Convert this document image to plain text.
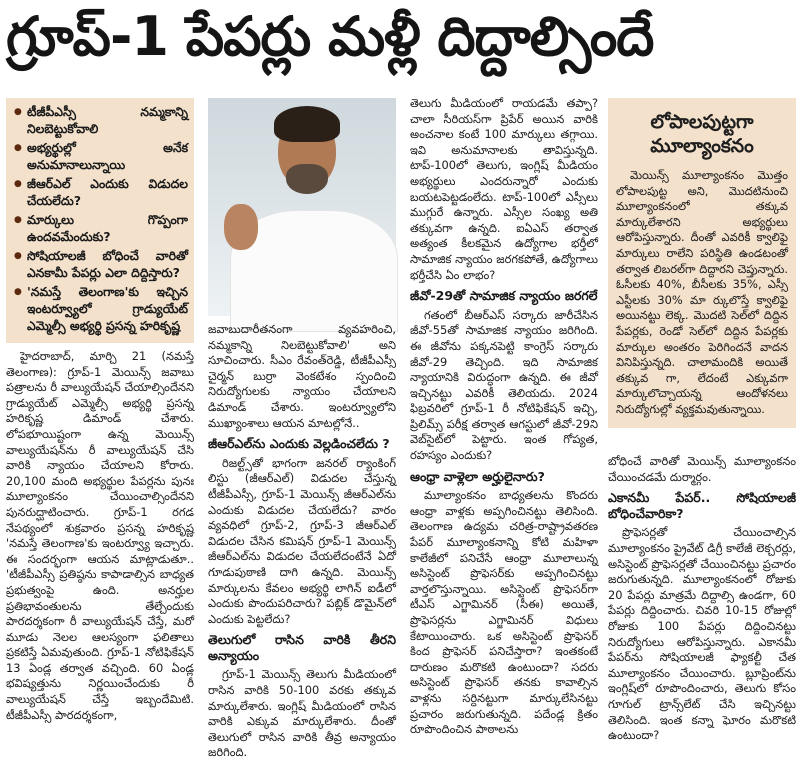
గ్రూప్‌-1 పేపర్లు మళ్లీ దిద్దాల్సిందే
● టీజీపీఎస్సీ నమ్మకాన్ని నిలబెట్టుకోవాలి
● అభ్యర్థుల్లో అనేక అనుమానాలున్నాయి
● జీఆర్‌ఎల్‌ ఎందుకు విడుదల చేయలేదు?
● మార్కులు గొప్పంగా ఉందవమేందుకు?
● సోషియాలజీ బోధించే వారితో ఎనకామీ పేపర్లు ఎలా దిద్దిస్తారు?
● 'నమస్తే తెలంగాణ'కు ఇచ్చిన ఇంటర్వ్యూలో గ్రాడ్యుయేట్‌ ఎమ్మెల్సీ అభ్యర్థి ప్రసన్న హరికృష్ణ

హైదరాబాద్‌, మార్చి 21 (నమస్తే తెలంగాణ): గ్రూప్‌-1 మెయిన్స్‌ జవాబు పత్రాలను రీ వాల్యుయేషన్‌ చేయాల్సిందేనని గ్రాడ్యుయేట్‌ ఎమ్మెల్సీ అభ్యర్థి ప్రసన్న హరికృష్ణ డిమాండ్‌ చేశారు. లోపభూయిష్టంగా ఉన్న మెయిన్స్‌ వాల్యుయేషన్‌ను రీ వాల్యుయేషన్‌ చేసి వారికి న్యాయం చేయాలని కోరారు. 20,100 మంది అభ్యర్థుల పేపర్లను పునః మూల్యాంకనం చేయించాల్సిందేనని పునరుద్ఘాటించారు. గ్రూప్‌-1 రగడ నేపథ్యంలో శుక్రవారం ప్రసన్న హరికృష్ణ 'నమస్తే తెలంగాణ'కు ఇంటర్వ్యూ ఇచ్చారు. ఈ సందర్భంగా ఆయన మాట్లాడుతూ.. 'టీజీపీఎస్సీ ప్రతిష్ఠను కాపాడాల్సిన బాధ్యత ప్రభుత్వంపై ఉంది. అనర్హుల ప్రతిభావంతులను తేల్చేందుకు పారదర్శకంగా రీ వాల్యుయేషన్‌ చేస్తే, మరో మూడు నెలల ఆలస్యంగా ఫలితాలు ప్రకటిస్తే ఏమవుతుంది. గ్రూప్‌-1 నోటిఫికేషన్‌ 13 ఏండ్ల తర్వాత వచ్చింది. 60 ఏండ్ల భవిష్యత్తును నిర్ణయించేందుకు రీ వాల్యుయేషన్‌ చేస్తే ఇబ్బందేమిటి. టీజీపీఎస్సీ పారదర్శకంగా,

జవాబుదారీతనంగా వ్యవహరించి, నమ్మకాన్ని నిలబెట్టుకోవాలి' అని సూచించారు. సీఎం రేవంత్‌రెడ్డి, టీజీపీఎస్సీ చైర్మన్‌ బుర్రా వెంకటేశం స్పందించి నిరుద్యోగులకు న్యాయం చేయాలని డిమాండ్‌ చేశారు. ఇంటర్వ్యూలోని ముఖ్యాంశాలు ఆయన మాటల్లోనే..

జీఆర్‌ఎల్‌ను ఎందుకు వెల్లడించలేదు ?

రిజల్ట్స్‌తో భాగంగా జనరల్‌ ర్యాంకింగ్‌ లిస్టు (జీఆర్‌ఎల్‌) విడుదల చేస్తున్న టీజీపీఎస్సీ, గ్రూప్‌-1 మెయిన్స్‌ జీఆర్‌ఎల్‌ను ఎందుకు విడుదల చేయలేదు? వారం వ్యవధిలో గ్రూప్‌-2, గ్రూప్‌-3 జీఆర్‌ఎల్‌ విడుదల చేసిన కమిషన్‌ గ్రూప్‌-1 మెయిన్స్‌ జీఆర్‌ఎల్‌ను విడుదల చేయలేదంటేనే ఏదో గూడుపుఠాణి దాగి ఉన్నది. మెయిన్స్‌ మార్కులను కేవలం అభ్యర్థి లాగిన్‌ ఐడీలో ఎందుకు పొందుపరిచారు? పబ్లిక్‌ డొమైన్‌లో ఎందుకు పెట్టలేదు?

తెలుగులో రాసిన వారికి తీరని అన్యాయం

గ్రూప్‌-1 మెయిన్స్‌ తెలుగు మీడియంలో రాసిన వారికి 50-100 వరకు తక్కువ మార్కులేశారు. ఇంగ్లిష్‌ మీడియంలో రాసిన వారికి ఎక్కువ మార్కులేశారు. దీంతో తెలుగులో రాసిన వారికి తీవ్ర అన్యాయం జరిగింది.

తెలుగు మీడియంలో రాయడమే తప్పా? చాలా సీరియస్‌గా ప్రిపేర్‌ అయిన వారికి అంచనాల కంటే 100 మార్కులు తగ్గాయి. ఇవి అనుమానాలకు తావిస్తున్నది. టాప్‌-100లో తెలుగు, ఇంగ్లిష్‌ మీడియం అభ్యర్థులు ఎందరున్నారో ఎందుకు బయటపెట్టడంలేదు. టాప్‌-100లో ఎస్సీలు ముగ్గురే ఉన్నారు. ఎస్సీల సంఖ్య అతి తక్కువగా ఉన్నది. ఐఏఎస్‌ తర్వాత అత్యంత కీలకమైన ఉద్యోగాల భర్తీలో సామాజిక న్యాయం జరగకపోతే, ఉద్యోగాలు భర్తీచేసి ఏం లాభం?

జీవో-29తో సామాజిక న్యాయం జరగలే

గతంలో బీఆర్‌ఎస్‌ సర్కారు జారీచేసిన జీవో-55తో సామాజిక న్యాయం జరిగింది. ఈ జీవోను పక్కనపెట్టి కాంగ్రెస్‌ సర్కారు జీవో-29 తెచ్చింది. ఇది సామాజిక న్యాయానికి విరుద్ధంగా ఉన్నది. ఈ జీవో ఇచ్చినట్టు ఎవరికీ తెలియదు. 2024 ఫిబ్రవరిలో గ్రూప్‌-1 రీ నోటిఫికేషన్‌ ఇచ్చి, ప్రిలిమ్స్‌ పరీక్ష తర్వాత ఆగస్టులో జీవో-29ని వెబ్‌సైట్‌లో పెట్టారు. ఇంత గోప్యత, రహస్యం ఎందుకు?

ఆంధ్రా వాళ్లెలా అర్హులైనారు?

మూల్యాంకనం బాధ్యతలను కొందరు ఆంధ్రా వాళ్లకు అప్పగించినట్టు తెలిసింది. తెలంగాణ ఉద్యమ చరిత్ర-రాష్ట్రావతరణ పేపర్‌ మూల్యాంకనాన్ని కోటి మహిళా కాలేజీలో పనిచేసే ఆంధ్రా మూలాలున్న అసిస్టెంట్‌ ప్రొఫెసర్‌కు అప్పగించినట్టు వార్తలొస్తున్నాయి. అసిస్టెంట్‌ ప్రొఫెసర్‌గా టీఎస్‌ ఎగ్జామినర్‌ (సీఈ) అయితే, ప్రొఫెసర్లను ఎగ్జామినర్‌ విధులు కేటాయించారు. ఒక అసిస్టెంట్‌ ప్రొఫెసర్‌ కింద ప్రొఫెసర్‌ పనిచేస్తారా? ఇంతకంటే దారుణం మరొకటి ఉంటుందా? సదరు అసిస్టెంట్‌ ప్రొఫెసర్‌ తనకు కావాల్సిన వాళ్లను సర్దినట్టుగా మార్కులేసినట్టు ప్రచారం జరుగుతున్నది. పదేండ్ల క్రితం రూపొందించిన పాఠాలను

లోపాలపుట్టగా మూల్యాంకనం

మెయిన్స్‌ మూల్యాంకనం మొత్తం లోపాలపుట్ట అని, మొదటినుంచి మూల్యాంకనంలో తక్కువ మార్కులేశారని అభ్యర్థులు ఆరోపిస్తున్నారు. దీంతో ఎవరికీ క్వాలిఫై మార్కులు రాలేని పరిస్థితి ఉండటంతో తర్వాత లిబరల్‌గా దిద్దారని చెప్తున్నారు. ఓసీలకు 40%, బీసీలకు 35%, ఎస్సీ ఎస్టీలకు 30% మా ర్కులొస్తే క్వాలిఫై అయినట్టు లెక్క. మొదటి సెల్‌లో దిద్దిన పేపర్లకు, రెండో సెల్‌లో దిద్దిన పేపర్లకు మార్కుల అంతరం పెరిగిందనే వాదన వినిపిస్తున్నది. చాలామందికి అయితే తక్కువ గా, లేదంటే ఎక్కువగా మార్కులొచ్చాయన్న ఆందోళనలు నిరుద్యోగుల్లో వ్యక్తమవుతున్నాయి.

బోధించే వారితో మెయిన్స్‌ మూల్యాంకనం చేయించడమే దుర్మార్గం.

ఎకానమీ పేపర్‌.. సోషియాలజీ బోధించేవారికా?

ప్రొఫెసర్లతో చేయించాల్సిన మూల్యాంకనం ప్రైవేట్‌ డిగ్రీ కాలేజీ లెక్చరర్లు, అసిస్టెంట్‌ ప్రొఫెసర్లతో చేయించినట్టు ప్రచారం జరుగుతున్నది. మూల్యాంకనంలో రోజుకు 20 పేపర్లు మాత్రమే దిద్దాల్సి ఉండగా, 60 పేపర్లు దిద్దించారు. చివరి 10-15 రోజుల్లో రోజుకు 100 పేపర్లు దిద్దించినట్టు నిరుద్యోగులు ఆరోపిస్తున్నారు. ఎకానమీ పేపర్‌ను సోషియాలజీ ఫ్యాకల్టీ చేత మూల్యాంకనం చేయించారు. బ్లూప్రింట్‌ను ఇంగ్లిష్‌లో రూపొందించారు, తెలుగు కోసం గూగుల్‌ ట్రాన్స్‌లేట్‌ చేసి ఇచ్చినట్టు తెలిసింది. ఇంత కన్నా ఘోరం మరొకటి ఉంటుందా?
